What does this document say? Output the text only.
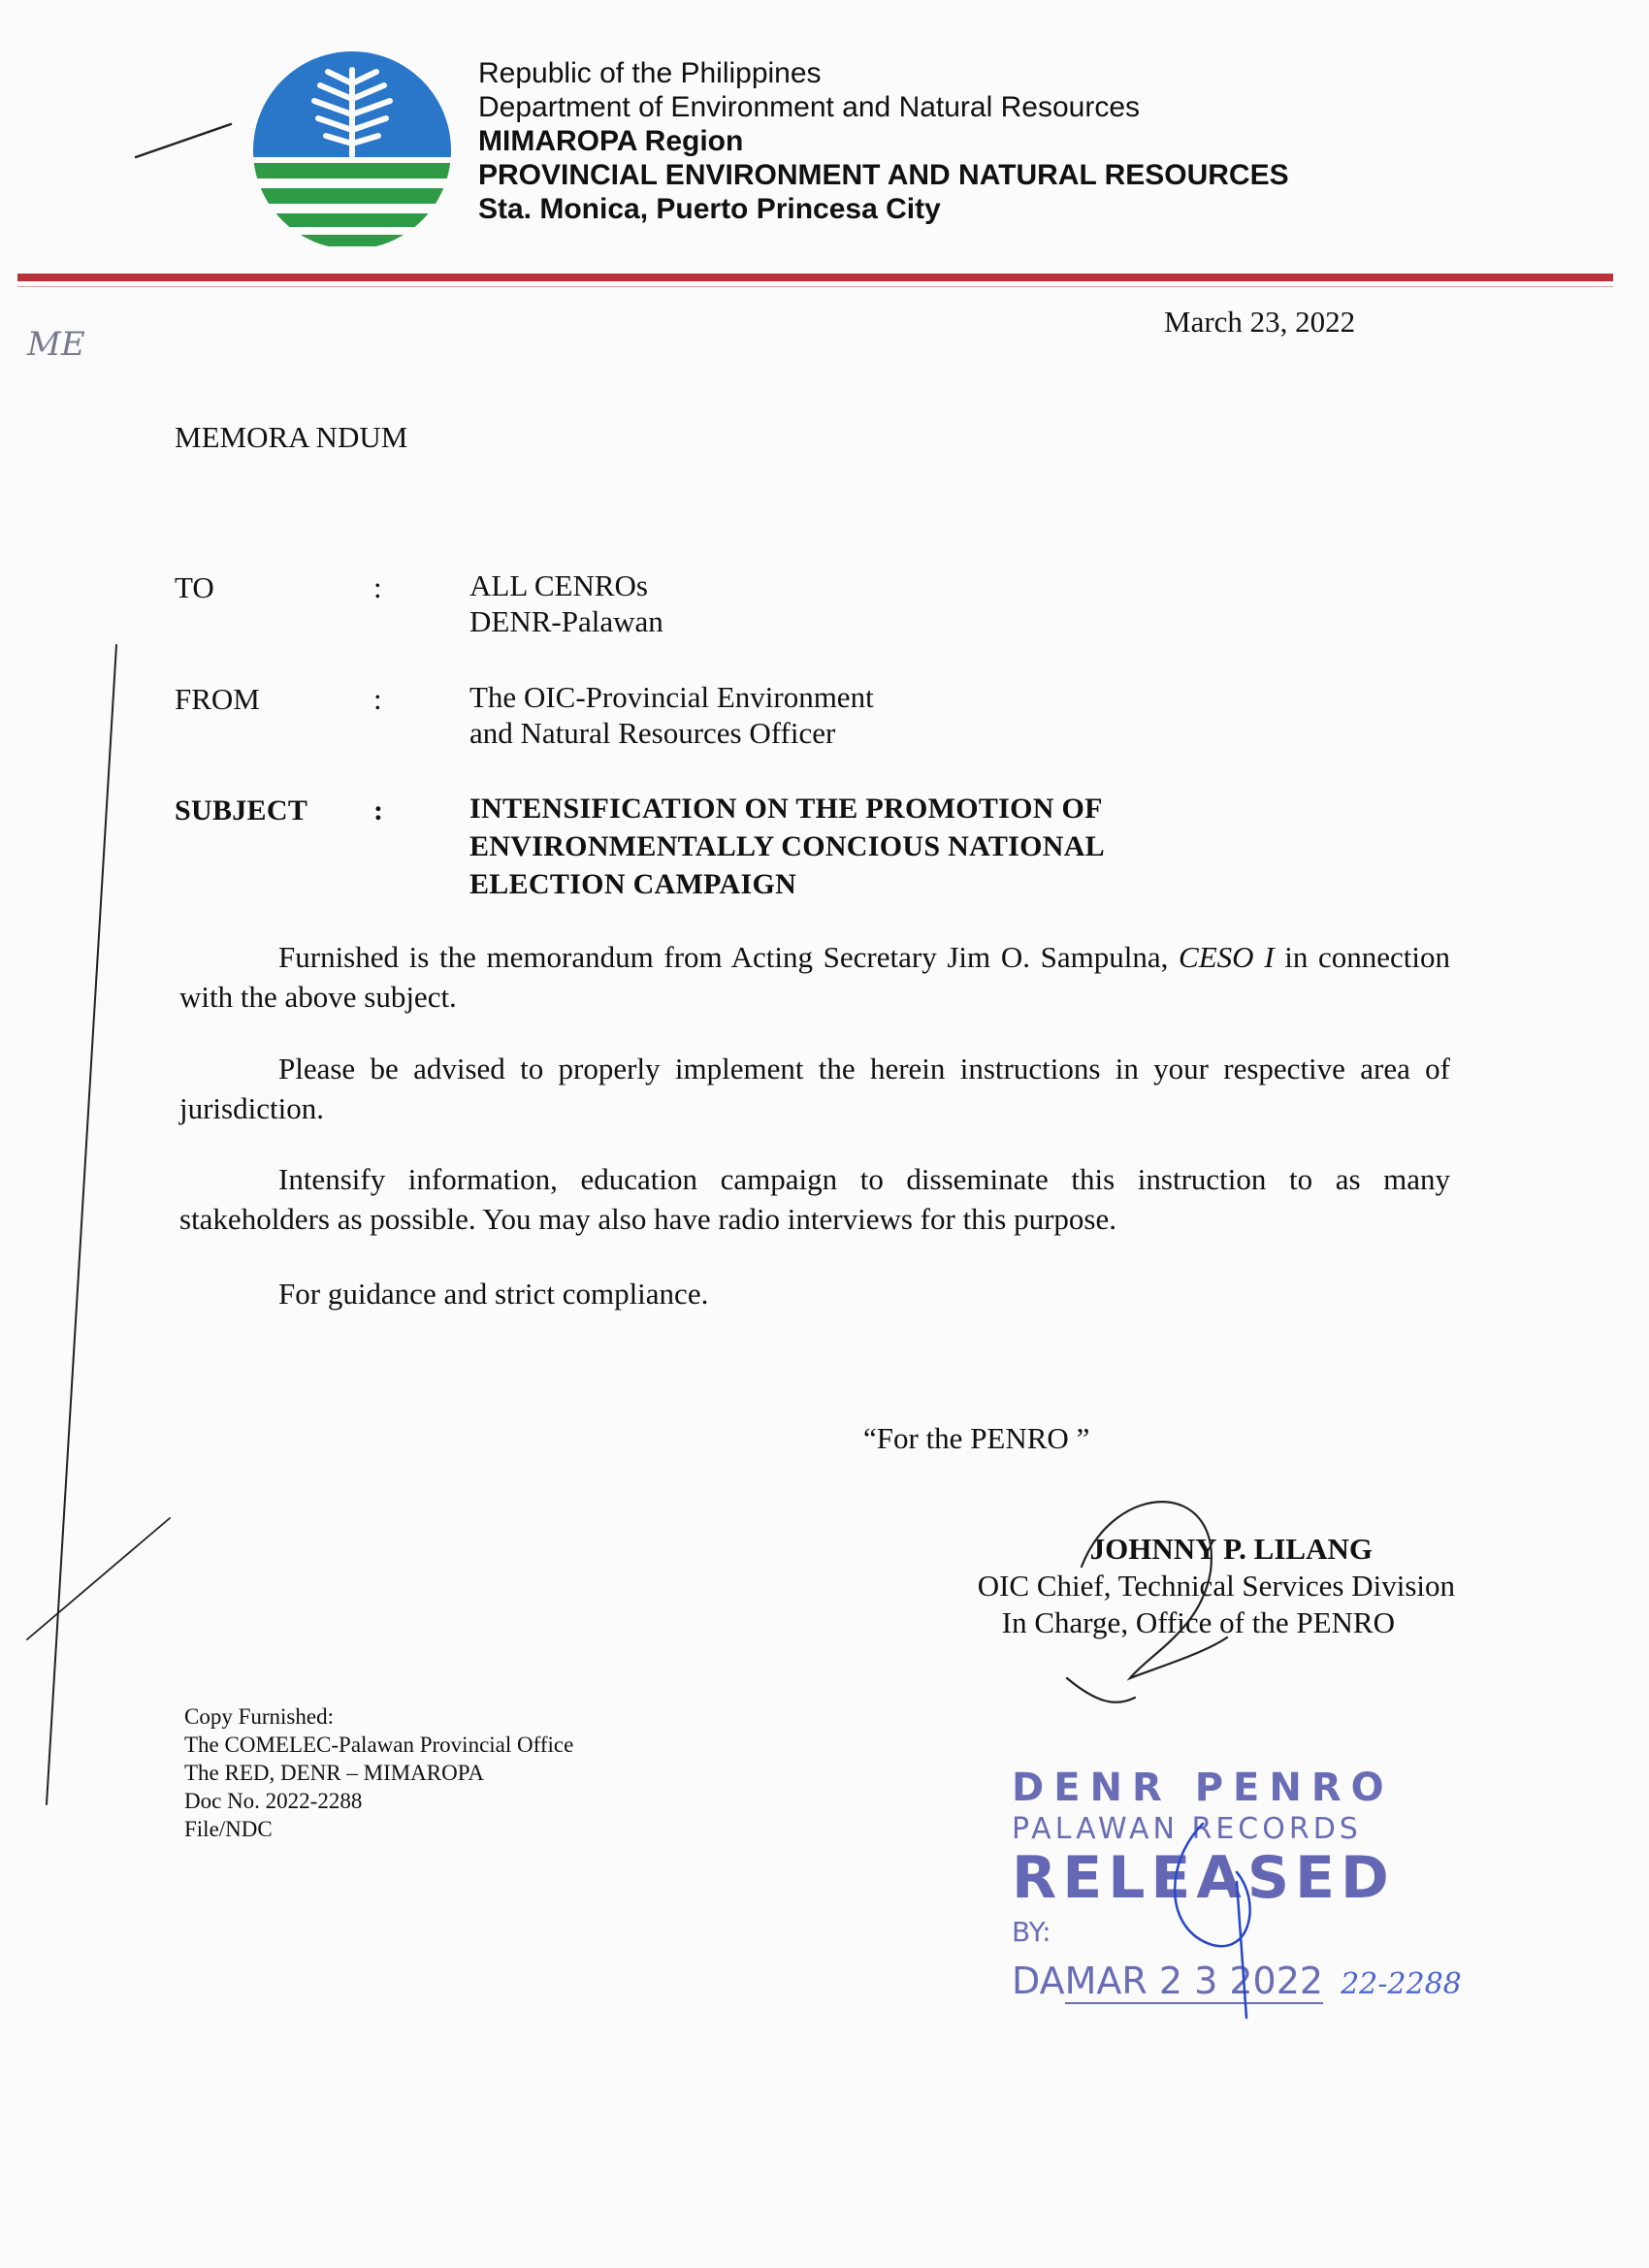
Republic of the Philippines
Department of Environment and Natural Resources
MIMAROPA Region
PROVINCIAL ENVIRONMENT AND NATURAL RESOURCES
Sta. Monica, Puerto Princesa City
ME
March 23, 2022
MEMORA NDUM
TO	:	ALL CENROs
DENR-Palawan
FROM	:	The OIC-Provincial Environment
and Natural Resources Officer
SUBJECT :	INTENSIFICATION ON THE PROMOTION OF
ENVIRONMENTALLY CONCIOUS NATIONAL
ELECTION CAMPAIGN
Furnished is the memorandum from Acting Secretary Jim O. Sampulna, CESO I in connection with the above subject.
Please be advised to properly implement the herein instructions in your respective area of jurisdiction.
Intensify information, education campaign to disseminate this instruction to as many stakeholders as possible. You may also have radio interviews for this purpose.
For guidance and strict compliance.
“For the PENRO ”
JOHNNY P. LILANG
OIC Chief, Technical Services Division
In Charge, Office of the PENRO
Copy Furnished:
The COMELEC-Palawan Provincial Office
The RED, DENR – MIMAROPA
Doc No. 2022-2288
File/NDC
DENR PENRO
PALAWAN RECORDS
RELEASED
BY:
DAMAR 2 3 2022 22-2288
